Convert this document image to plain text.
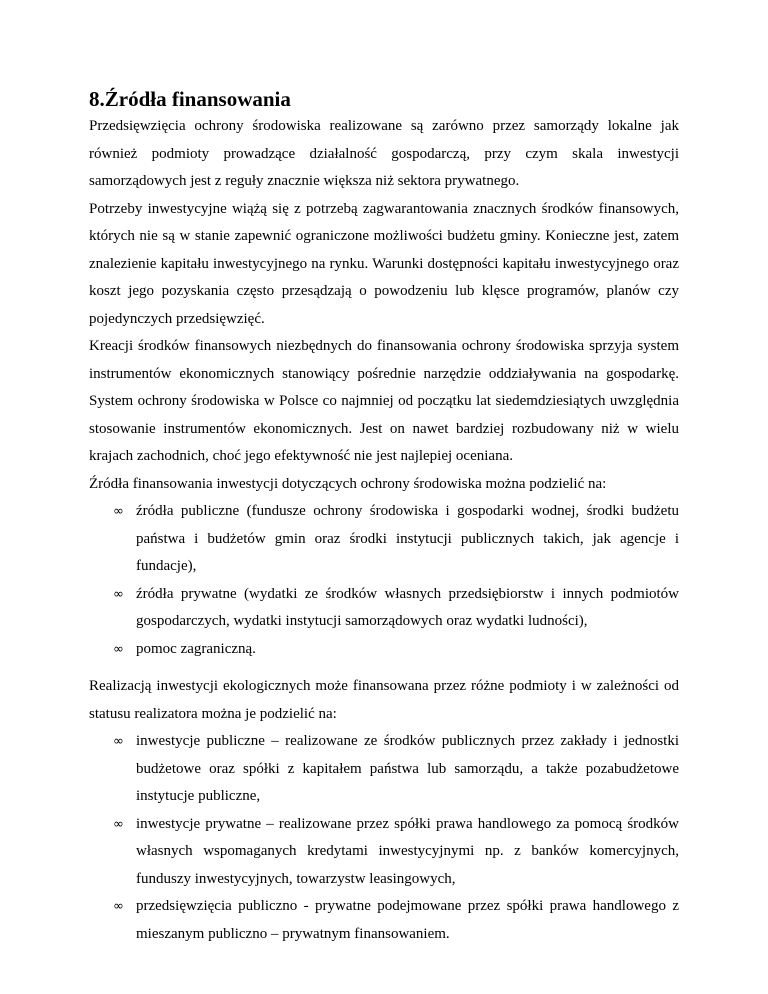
8.Źródła finansowania

Przedsięwzięcia ochrony środowiska realizowane są zarówno przez samorządy lokalne jak również podmioty prowadzące działalność gospodarczą, przy czym skala inwestycji samorządowych jest z reguły znacznie większa niż sektora prywatnego.

Potrzeby inwestycyjne wiążą się z potrzebą zagwarantowania znacznych środków finansowych, których nie są w stanie zapewnić ograniczone możliwości budżetu gminy. Konieczne jest, zatem znalezienie kapitału inwestycyjnego na rynku. Warunki dostępności kapitału inwestycyjnego oraz koszt jego pozyskania często przesądzają o powodzeniu lub klęsce programów, planów czy pojedynczych przedsięwzięć.

Kreacji środków finansowych niezbędnych do finansowania ochrony środowiska sprzyja system instrumentów ekonomicznych stanowiący pośrednie narzędzie oddziaływania na gospodarkę. System ochrony środowiska w Polsce co najmniej od początku lat siedemdziesiątych uwzględnia stosowanie instrumentów ekonomicznych. Jest on nawet bardziej rozbudowany niż w wielu krajach zachodnich, choć jego efektywność nie jest najlepiej oceniana.

Źródła finansowania inwestycji dotyczących ochrony środowiska można podzielić na:

∞ źródła publiczne (fundusze ochrony środowiska i gospodarki wodnej, środki budżetu państwa i budżetów gmin oraz środki instytucji publicznych takich, jak agencje i fundacje),
∞ źródła prywatne (wydatki ze środków własnych przedsiębiorstw i innych podmiotów gospodarczych, wydatki instytucji samorządowych oraz wydatki ludności),
∞ pomoc zagraniczną.

Realizacją inwestycji ekologicznych może finansowana przez różne podmioty i w zależności od statusu realizatora można je podzielić na:

∞ inwestycje publiczne – realizowane ze środków publicznych przez zakłady i jednostki budżetowe oraz spółki z kapitałem państwa lub samorządu, a także pozabudżetowe instytucje publiczne,
∞ inwestycje prywatne – realizowane przez spółki prawa handlowego za pomocą środków własnych wspomaganych kredytami inwestycyjnymi np. z banków komercyjnych, funduszy inwestycyjnych, towarzystw leasingowych,
∞ przedsięwzięcia publiczno - prywatne podejmowane przez spółki prawa handlowego z mieszanym publiczno – prywatnym finansowaniem.
